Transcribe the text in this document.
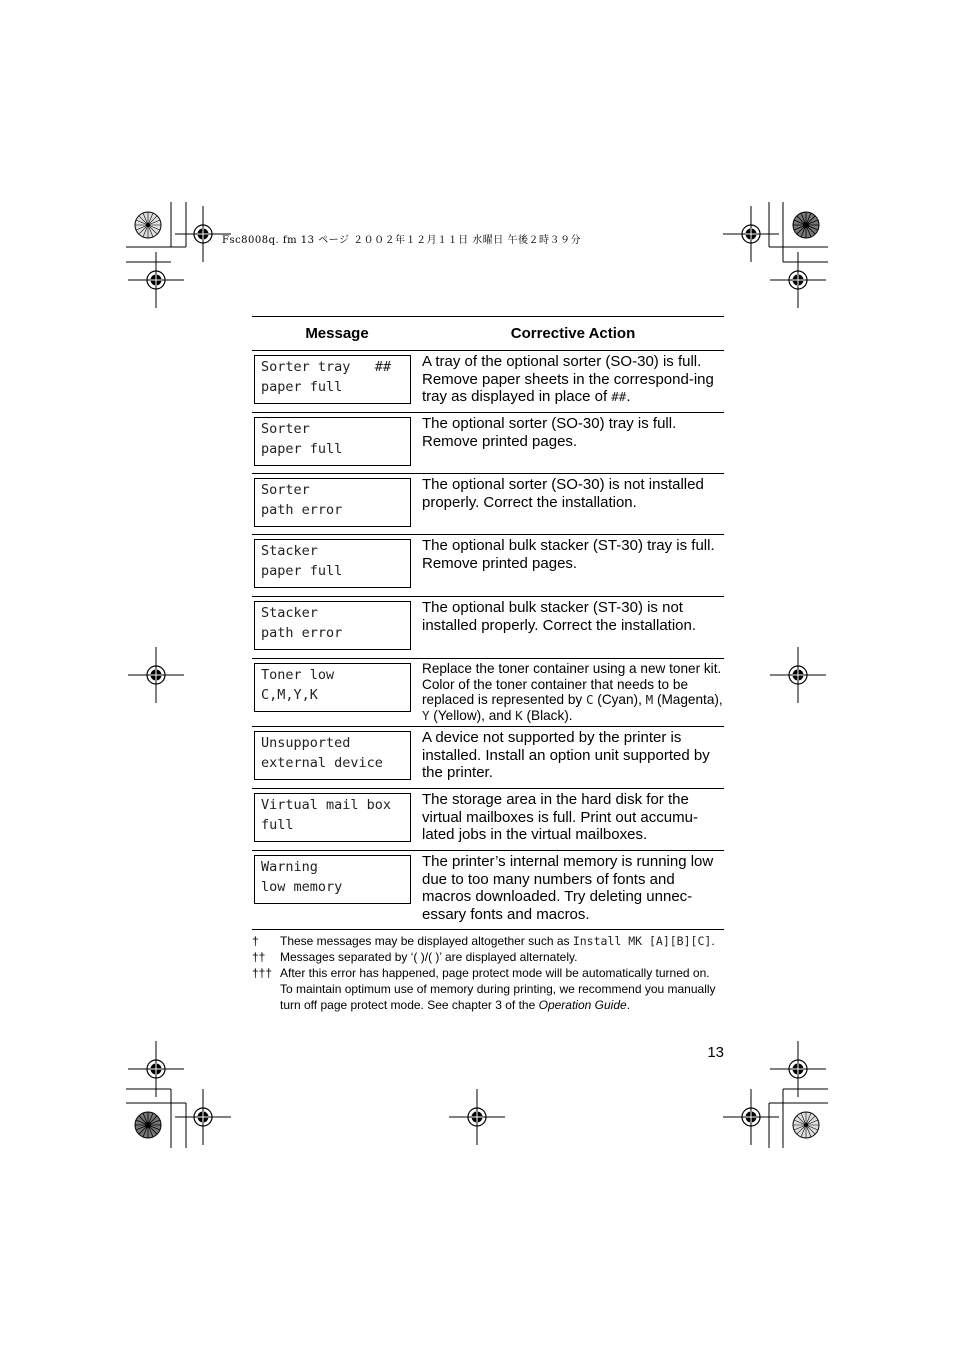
Fsc8008q. fm 13 ページ ２００２年１２月１１日 水曜日 午後２時３９分
Message	Corrective Action
Sorter tray   ##
paper full
A tray of the optional sorter (SO-30) is full. Remove paper sheets in the correspond-ing tray as displayed in place of ##.
Sorter
paper full
The optional sorter (SO-30) tray is full. Remove printed pages.
Sorter
path error
The optional sorter (SO-30) is not installed properly. Correct the installation.
Stacker
paper full
The optional bulk stacker (ST-30) tray is full. Remove printed pages.
Stacker
path error
The optional bulk stacker (ST-30) is not installed properly. Correct the installation.
Toner low
C,M,Y,K
Replace the toner container using a new toner kit. Color of the toner container that needs to be replaced is represented by C (Cyan), M (Magenta), Y (Yellow), and K (Black).
Unsupported
external device
A device not supported by the printer is installed. Install an option unit supported by the printer.
Virtual mail box
full
The storage area in the hard disk for the virtual mailboxes is full. Print out accumu-lated jobs in the virtual mailboxes.
Warning
low memory
The printer’s internal memory is running low due to too many numbers of fonts and macros downloaded. Try deleting unnec-essary fonts and macros.
† These messages may be displayed altogether such as Install MK [A][B][C].
†† Messages separated by ‘( )/( )’ are displayed alternately.
††† After this error has happened, page protect mode will be automatically turned on. To maintain optimum use of memory during printing, we recommend you manually turn off page protect mode. See chapter 3 of the Operation Guide.
13
